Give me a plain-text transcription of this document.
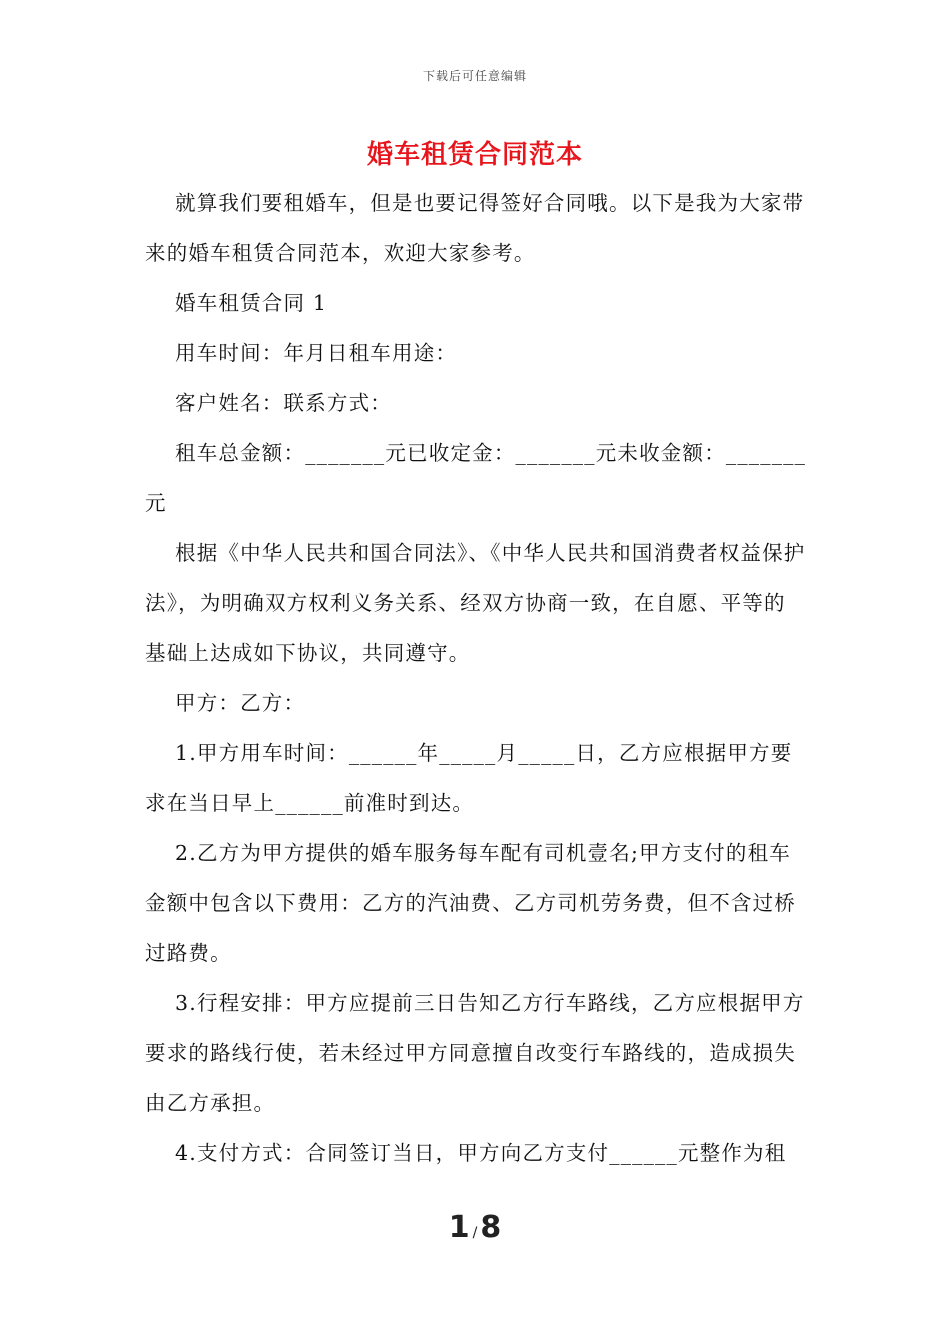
下载后可任意编辑
婚车租赁合同范本

就算我们要租婚车，但是也要记得签好合同哦。以下是我为大家带来的婚车租赁合同范本，欢迎大家参考。

婚车租赁合同 1

用车时间：年月日租车用途：

客户姓名：联系方式：

租车总金额：_______元已收定金：_______元未收金额：_______元

根据《中华人民共和国合同法》、《中华人民共和国消费者权益保护法》，为明确双方权利义务关系、经双方协商一致，在自愿、平等的基础上达成如下协议，共同遵守。

甲方：乙方：

1.甲方用车时间：______年_____月_____日，乙方应根据甲方要求在当日早上______前准时到达。

2.乙方为甲方提供的婚车服务每车配有司机壹名;甲方支付的租车金额中包含以下费用：乙方的汽油费、乙方司机劳务费，但不含过桥过路费。

3.行程安排：甲方应提前三日告知乙方行车路线，乙方应根据甲方要求的路线行使，若未经过甲方同意擅自改变行车路线的，造成损失由乙方承担。

4.支付方式：合同签订当日，甲方向乙方支付______元整作为租

1 / 8
